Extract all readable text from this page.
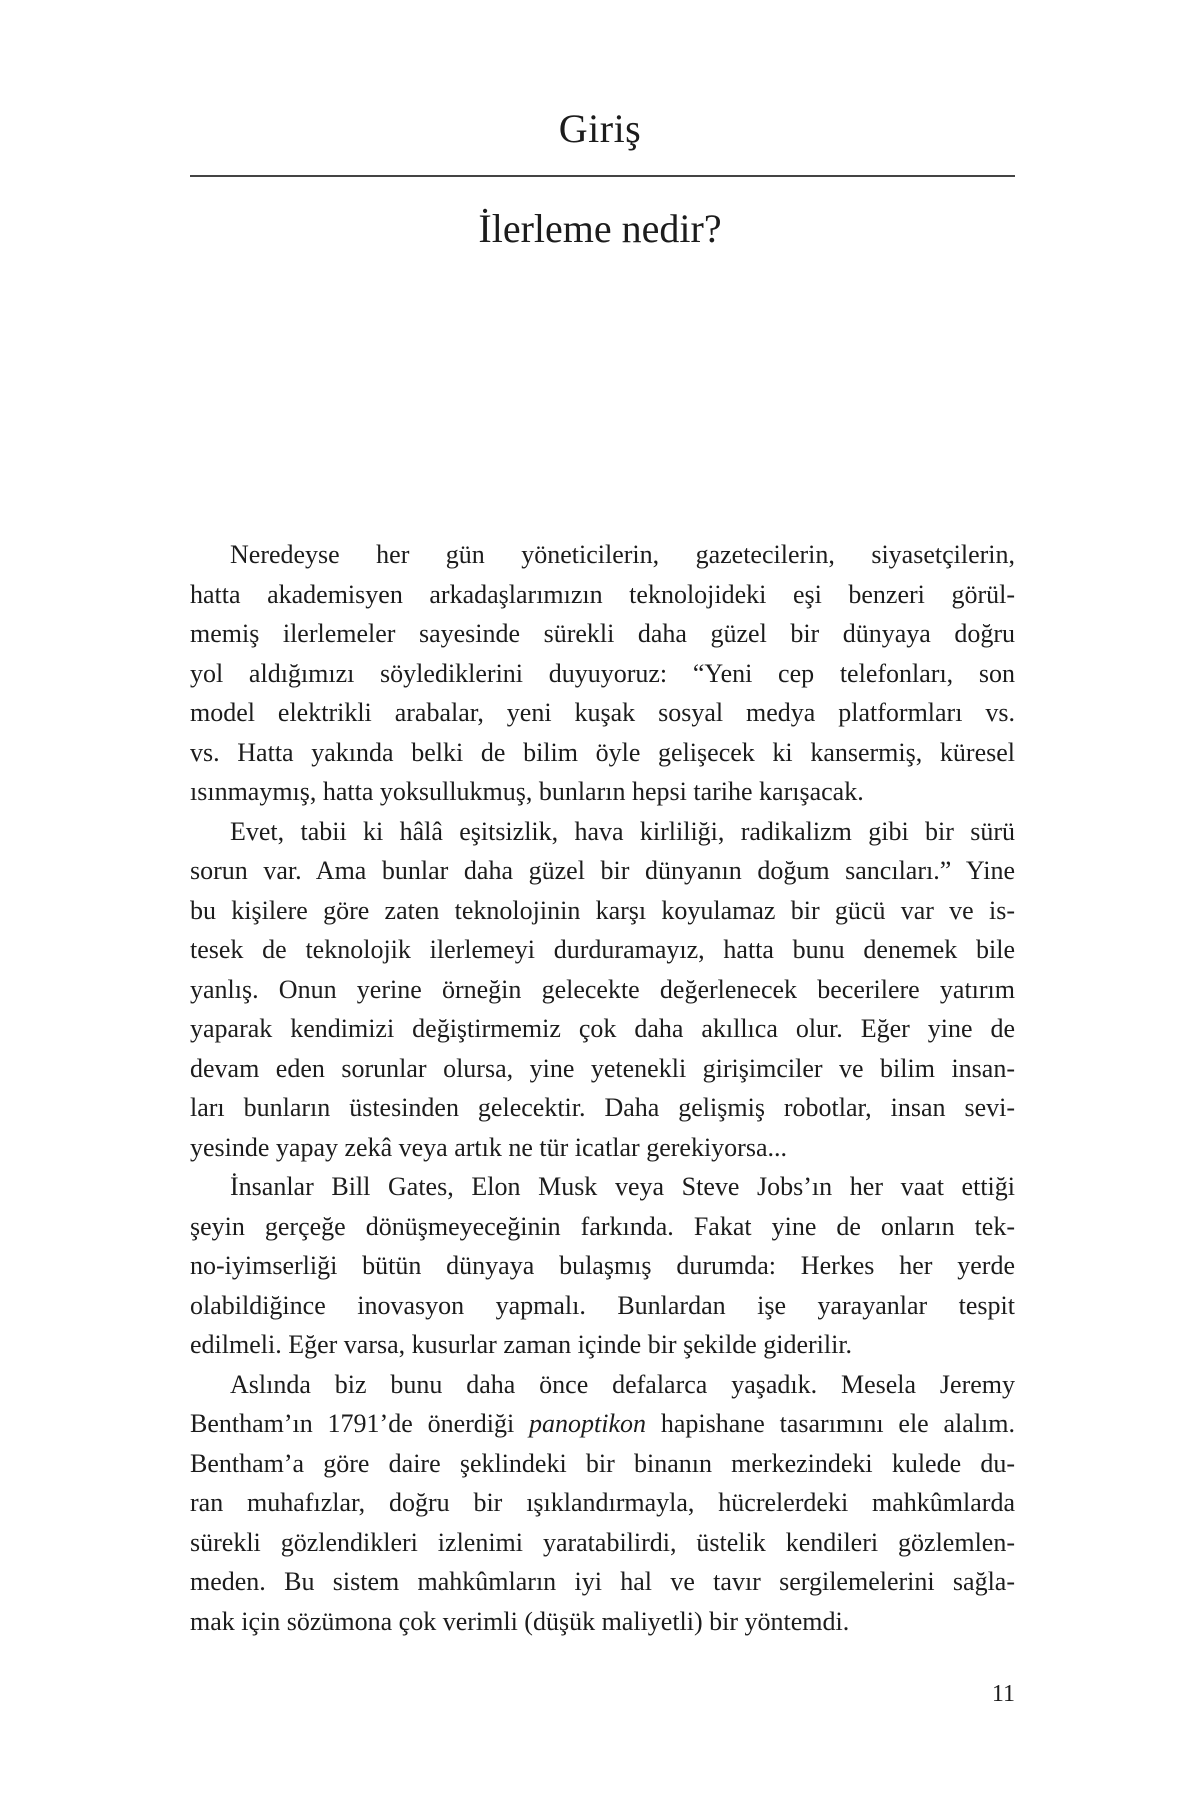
Giriş
İlerleme nedir?
Neredeyse her gün yöneticilerin, gazetecilerin, siyasetçilerin,
hatta akademisyen arkadaşlarımızın teknolojideki eşi benzeri görül-
memiş ilerlemeler sayesinde sürekli daha güzel bir dünyaya doğru
yol aldığımızı söylediklerini duyuyoruz: “Yeni cep telefonları, son
model elektrikli arabalar, yeni kuşak sosyal medya platformları vs.
vs. Hatta yakında belki de bilim öyle gelişecek ki kansermiş, küresel
ısınmaymış, hatta yoksullukmuş, bunların hepsi tarihe karışacak.
Evet, tabii ki hâlâ eşitsizlik, hava kirliliği, radikalizm gibi bir sürü
sorun var. Ama bunlar daha güzel bir dünyanın doğum sancıları.” Yine
bu kişilere göre zaten teknolojinin karşı koyulamaz bir gücü var ve is-
tesek de teknolojik ilerlemeyi durduramayız, hatta bunu denemek bile
yanlış. Onun yerine örneğin gelecekte değerlenecek becerilere yatırım
yaparak kendimizi değiştirmemiz çok daha akıllıca olur. Eğer yine de
devam eden sorunlar olursa, yine yetenekli girişimciler ve bilim insan-
ları bunların üstesinden gelecektir. Daha gelişmiş robotlar, insan sevi-
yesinde yapay zekâ veya artık ne tür icatlar gerekiyorsa...
İnsanlar Bill Gates, Elon Musk veya Steve Jobs’ın her vaat ettiği
şeyin gerçeğe dönüşmeyeceğinin farkında. Fakat yine de onların tek-
no-iyimserliği bütün dünyaya bulaşmış durumda: Herkes her yerde
olabildiğince inovasyon yapmalı. Bunlardan işe yarayanlar tespit
edilmeli. Eğer varsa, kusurlar zaman içinde bir şekilde giderilir.
Aslında biz bunu daha önce defalarca yaşadık. Mesela Jeremy
Bentham’ın 1791’de önerdiği panoptikon hapishane tasarımını ele alalım.
Bentham’a göre daire şeklindeki bir binanın merkezindeki kulede du-
ran muhafızlar, doğru bir ışıklandırmayla, hücrelerdeki mahkûmlarda
sürekli gözlendikleri izlenimi yaratabilirdi, üstelik kendileri gözlemlen-
meden. Bu sistem mahkûmların iyi hal ve tavır sergilemelerini sağla-
mak için sözümona çok verimli (düşük maliyetli) bir yöntemdi.
11
